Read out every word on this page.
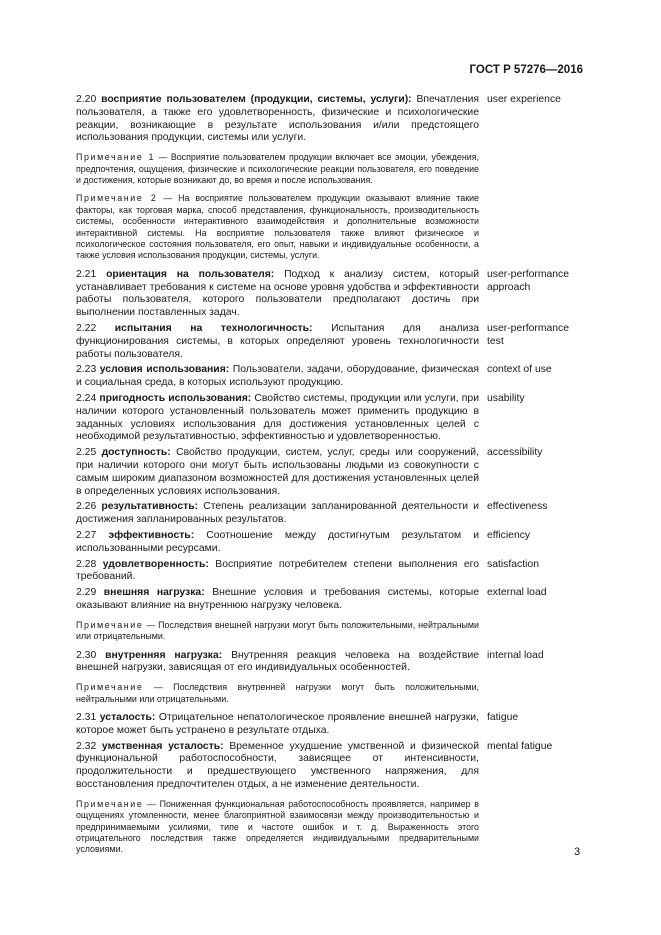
ГОСТ Р 57276—2016
2.20 восприятие пользователем (продукции, системы, услуги): Впечатления пользователя, а также его удовлетворенность, физические и психологические реакции, возникающие в результате использования и/или предстоящего использования продукции, системы или услуги.
user experience
Примечание 1 — Восприятие пользователем продукции включает все эмоции, убеждения, предпочтения, ощущения, физические и психологические реакции пользователя, его поведение и достижения, которые возникают до, во время и после использования.
Примечание 2 — На восприятие пользователем продукции оказывают влияние такие факторы, как торговая марка, способ представления, функциональность, производительность системы, особенности интерактивного взаимодействия и дополнительные возможности интерактивной системы. На восприятие пользователя также влияют физическое и психологическое состояния пользователя, его опыт, навыки и индивидуальные особенности, а также условия использования продукции, системы, услуги.
2.21 ориентация на пользователя: Подход к анализу систем, который устанавливает требования к системе на основе уровня удобства и эффективности работы пользователя, которого пользователи предполагают достичь при выполнении поставленных задач.
user-performance
approach
2.22 испытания на технологичность: Испытания для анализа функционирования системы, в которых определяют уровень технологичности работы пользователя.
user-performance
test
2.23 условия использования: Пользователи, задачи, оборудование, физическая и социальная среда, в которых используют продукцию.
context of use
2.24 пригодность использования: Свойство системы, продукции или услуги, при наличии которого установленный пользователь может применить продукцию в заданных условиях использования для достижения установленных целей с необходимой результативностью, эффективностью и удовлетворенностью.
usability
2.25 доступность: Свойство продукции, систем, услуг, среды или сооружений, при наличии которого они могут быть использованы людьми из совокупности с самым широким диапазоном возможностей для достижения установленных целей в определенных условиях использования.
accessibility
2.26 результативность: Степень реализации запланированной деятельности и достижения запланированных результатов.
effectiveness
2.27 эффективность: Соотношение между достигнутым результатом и использованными ресурсами.
efficiency
2.28 удовлетворенность: Восприятие потребителем степени выполнения его требований.
satisfaction
2.29 внешняя нагрузка: Внешние условия и требования системы, которые оказывают влияние на внутреннюю нагрузку человека.
external load
Примечание — Последствия внешней нагрузки могут быть положительными, нейтральными или отрицательными.
2.30 внутренняя нагрузка: Внутренняя реакция человека на воздействие внешней нагрузки, зависящая от его индивидуальных особенностей.
internal load
Примечание — Последствия внутренней нагрузки могут быть положительными, нейтральными или отрицательными.
2.31 усталость: Отрицательное непатологическое проявление внешней нагрузки, которое может быть устранено в результате отдыха.
fatigue
2.32 умственная усталость: Временное ухудшение умственной и физической функциональной работоспособности, зависящее от интенсивности, продолжительности и предшествующего умственного напряжения, для восстановления предпочтителен отдых, а не изменение деятельности.
mental fatigue
Примечание — Пониженная функциональная работоспособность проявляется, например в ощущениях утомленности, менее благоприятной взаимосвязи между производительностью и предпринимаемыми усилиями, типе и частоте ошибок и т. д. Выраженность этого отрицательного последствия также определяется индивидуальными предварительными условиями.	3
